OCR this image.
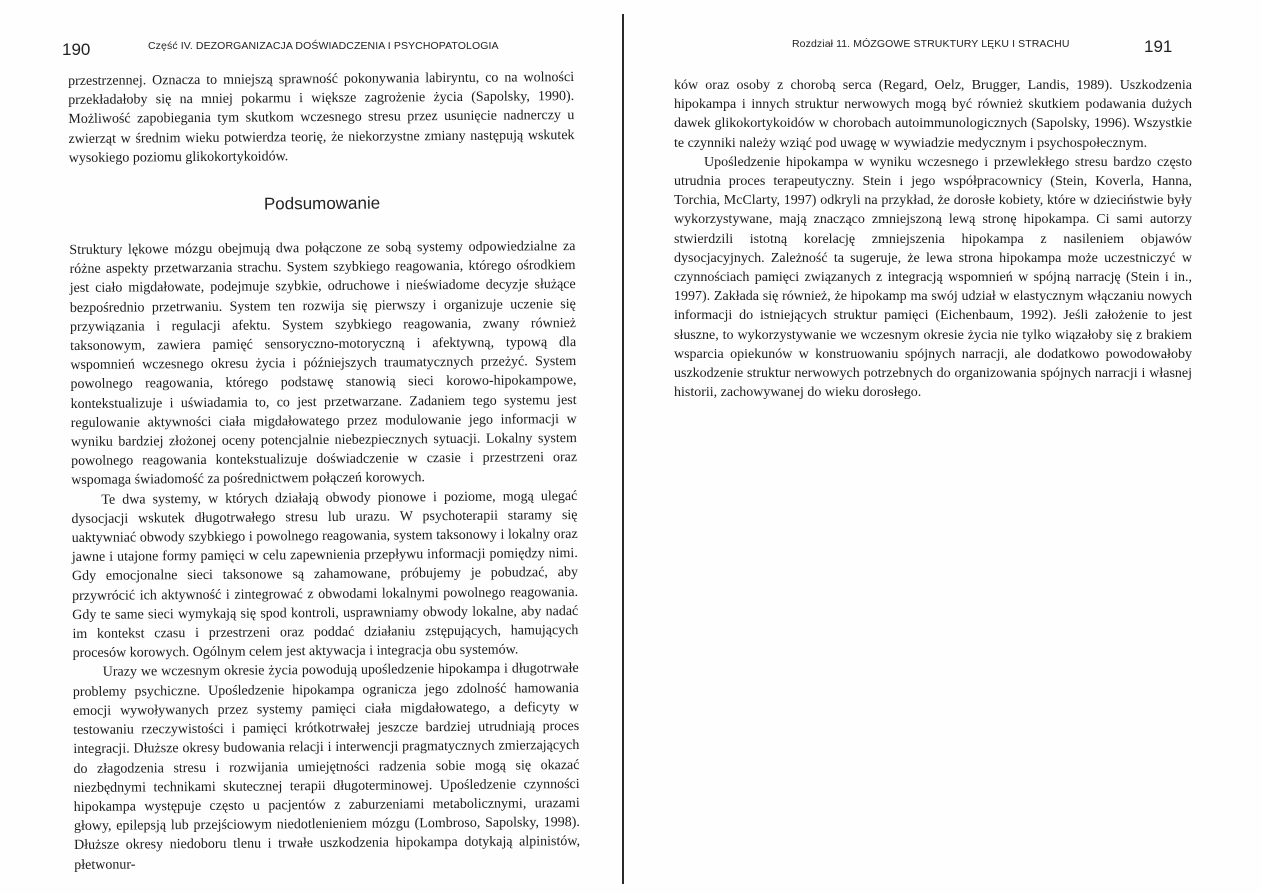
190	Część IV. DEZORGANIZACJA DOŚWIADCZENIA I PSYCHOPATOLOGIA

przestrzennej. Oznacza to mniejszą sprawność pokonywania labiryntu, co na wolności przekładałoby się na mniej pokarmu i większe zagrożenie życia (Sapolsky, 1990). Możliwość zapobiegania tym skutkom wczesnego stresu przez usunięcie nadnerczy u zwierząt w średnim wieku potwierdza teorię, że niekorzystne zmiany następują wskutek wysokiego poziomu glikokortykoidów.

Podsumowanie

Struktury lękowe mózgu obejmują dwa połączone ze sobą systemy odpowiedzialne za różne aspekty przetwarzania strachu. System szybkiego reagowania, którego ośrodkiem jest ciało migdałowate, podejmuje szybkie, odruchowe i nieświadome decyzje służące bezpośrednio przetrwaniu. System ten rozwija się pierwszy i organizuje uczenie się przywiązania i regulacji afektu. System szybkiego reagowania, zwany również taksonowym, zawiera pamięć sensoryczno-motoryczną i afektywną, typową dla wspomnień wczesnego okresu życia i późniejszych traumatycznych przeżyć. System powolnego reagowania, którego podstawę stanowią sieci korowo-hipokampowe, kontekstualizuje i uświadamia to, co jest przetwarzane. Zadaniem tego systemu jest regulowanie aktywności ciała migdałowatego przez modulowanie jego informacji w wyniku bardziej złożonej oceny potencjalnie niebezpiecznych sytuacji. Lokalny system powolnego reagowania kontekstualizuje doświadczenie w czasie i przestrzeni oraz wspomaga świadomość za pośrednictwem połączeń korowych.

Te dwa systemy, w których działają obwody pionowe i poziome, mogą ulegać dysocjacji wskutek długotrwałego stresu lub urazu. W psychoterapii staramy się uaktywniać obwody szybkiego i powolnego reagowania, system taksonowy i lokalny oraz jawne i utajone formy pamięci w celu zapewnienia przepływu informacji pomiędzy nimi. Gdy emocjonalne sieci taksonowe są zahamowane, próbujemy je pobudzać, aby przywrócić ich aktywność i zintegrować z obwodami lokalnymi powolnego reagowania. Gdy te same sieci wymykają się spod kontroli, usprawniamy obwody lokalne, aby nadać im kontekst czasu i przestrzeni oraz poddać działaniu zstępujących, hamujących procesów korowych. Ogólnym celem jest aktywacja i integracja obu systemów.

Urazy we wczesnym okresie życia powodują upośledzenie hipokampa i długotrwałe problemy psychiczne. Upośledzenie hipokampa ogranicza jego zdolność hamowania emocji wywoływanych przez systemy pamięci ciała migdałowatego, a deficyty w testowaniu rzeczywistości i pamięci krótkotrwałej jeszcze bardziej utrudniają proces integracji. Dłuższe okresy budowania relacji i interwencji pragmatycznych zmierzających do złagodzenia stresu i rozwijania umiejętności radzenia sobie mogą się okazać niezbędnymi technikami skutecznej terapii długoterminowej. Upośledzenie czynności hipokampa występuje często u pacjentów z zaburzeniami metabolicznymi, urazami głowy, epilepsją lub przejściowym niedotlenieniem mózgu (Lombroso, Sapolsky, 1998). Dłuższe okresy niedoboru tlenu i trwałe uszkodzenia hipokampa dotykają alpinistów, płetwonur-

Rozdział 11. MÓZGOWE STRUKTURY LĘKU I STRACHU	191

ków oraz osoby z chorobą serca (Regard, Oelz, Brugger, Landis, 1989). Uszkodzenia hipokampa i innych struktur nerwowych mogą być również skutkiem podawania dużych dawek glikokortykoidów w chorobach autoimmunologicznych (Sapolsky, 1996). Wszystkie te czynniki należy wziąć pod uwagę w wywiadzie medycznym i psychospołecznym.

Upośledzenie hipokampa w wyniku wczesnego i przewlekłego stresu bardzo często utrudnia proces terapeutyczny. Stein i jego współpracownicy (Stein, Koverla, Hanna, Torchia, McClarty, 1997) odkryli na przykład, że dorosłe kobiety, które w dzieciństwie były wykorzystywane, mają znacząco zmniejszoną lewą stronę hipokampa. Ci sami autorzy stwierdzili istotną korelację zmniejszenia hipokampa z nasileniem objawów dysocjacyjnych. Zależność ta sugeruje, że lewa strona hipokampa może uczestniczyć w czynnościach pamięci związanych z integracją wspomnień w spójną narrację (Stein i in., 1997). Zakłada się również, że hipokamp ma swój udział w elastycznym włączaniu nowych informacji do istniejących struktur pamięci (Eichenbaum, 1992). Jeśli założenie to jest słuszne, to wykorzystywanie we wczesnym okresie życia nie tylko wiązałoby się z brakiem wsparcia opiekunów w konstruowaniu spójnych narracji, ale dodatkowo powodowałoby uszkodzenie struktur nerwowych potrzebnych do organizowania spójnych narracji i własnej historii, zachowywanej do wieku dorosłego.
